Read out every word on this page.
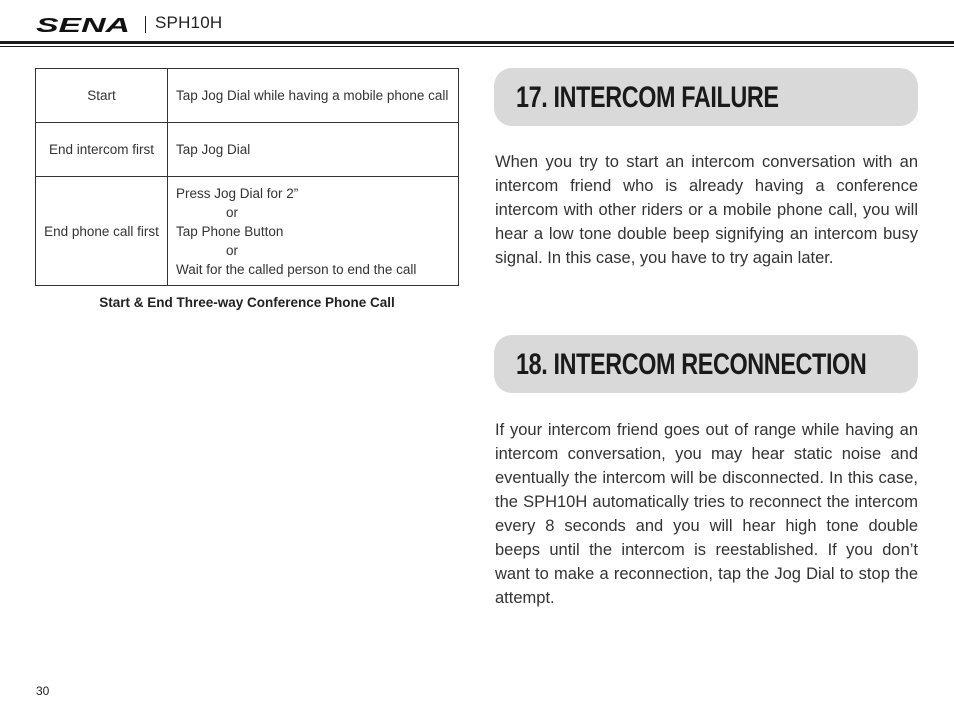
SENA SPH10H
Start	Tap Jog Dial while having a mobile phone call

End intercom first	Tap Jog Dial

End phone call first	Press Jog Dial for 2”
or
Tap Phone Button
or
Wait for the called person to end the call
Start & End Three-way Conference Phone Call
17. INTERCOM FAILURE
When you try to start an intercom conversation with an intercom friend who is already having a conference intercom with other riders or a mobile phone call, you will hear a low tone double beep signifying an intercom busy signal. In this case, you have to try again later.
18. INTERCOM RECONNECTION
If your intercom friend goes out of range while having an intercom conversation, you may hear static noise and eventually the intercom will be disconnected. In this case, the SPH10H automatically tries to reconnect the intercom every 8 seconds and you will hear high tone double beeps until the intercom is reestablished. If you don’t want to make a reconnection, tap the Jog Dial to stop the attempt.
30
